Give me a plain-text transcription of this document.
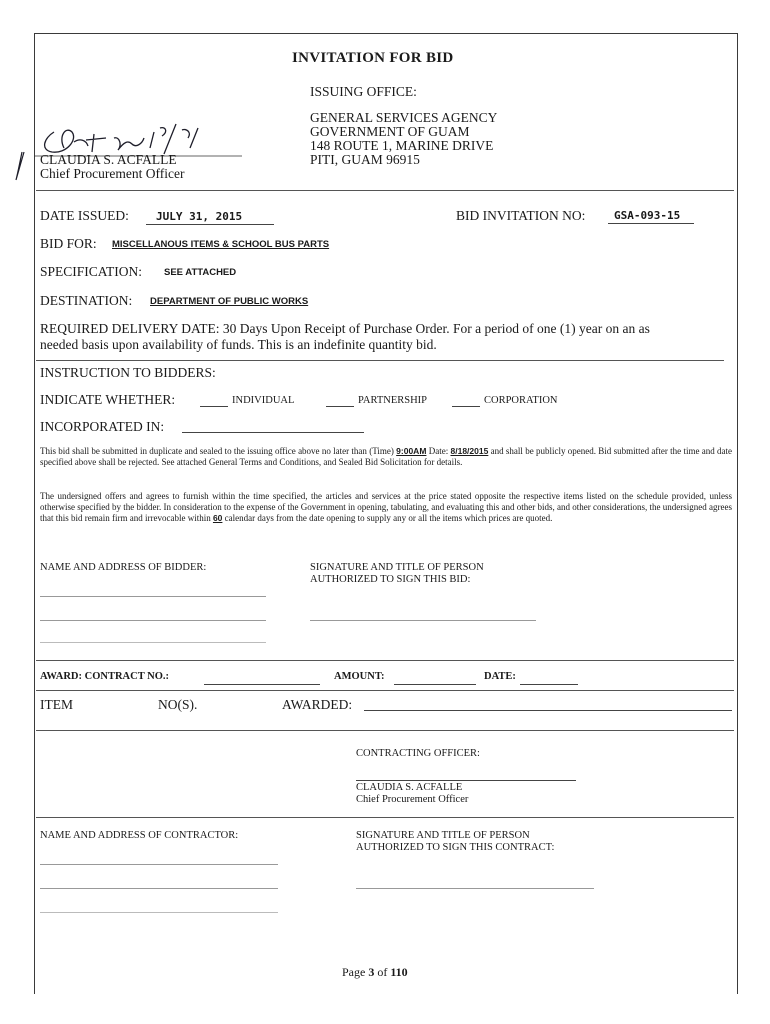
INVITATION FOR BID
ISSUING OFFICE:
GENERAL SERVICES AGENCY
GOVERNMENT OF GUAM
148 ROUTE 1, MARINE DRIVE
PITI, GUAM 96915
CLAUDIA S. ACFALLE
Chief Procurement Officer
DATE ISSUED: JULY 31, 2015	BID INVITATION NO:	GSA-093-15
BID FOR: MISCELLANOUS ITEMS & SCHOOL BUS PARTS
SPECIFICATION: SEE ATTACHED
DESTINATION: DEPARTMENT OF PUBLIC WORKS
REQUIRED DELIVERY DATE: 30 Days Upon Receipt of Purchase Order. For a period of one (1) year on an as
needed basis upon availability of funds. This is an indefinite quantity bid.
INSTRUCTION TO BIDDERS:
INDICATE WHETHER:	INDIVIDUAL	PARTNERSHIP	CORPORATION
INCORPORATED IN:
This bid shall be submitted in duplicate and sealed to the issuing office above no later than (Time) 9:00AM Date: 8/18/2015 and shall be publicly opened. Bid submitted after the time and date specified above shall be rejected. See attached General Terms and Conditions, and Sealed Bid Solicitation for details.
The undersigned offers and agrees to furnish within the time specified, the articles and services at the price stated opposite the respective items listed on the schedule provided, unless otherwise specified by the bidder. In consideration to the expense of the Government in opening, tabulating, and evaluating this and other bids, and other considerations, the undersigned agrees that this bid remain firm and irrevocable within 60 calendar days from the date opening to supply any or all the items which prices are quoted.
NAME AND ADDRESS OF BIDDER:	SIGNATURE AND TITLE OF PERSON
AUTHORIZED TO SIGN THIS BID:
AWARD: CONTRACT NO.:	AMOUNT:	DATE:
ITEM	NO(S).	AWARDED:
CONTRACTING OFFICER:
CLAUDIA S. ACFALLE
Chief Procurement Officer
NAME AND ADDRESS OF CONTRACTOR:	SIGNATURE AND TITLE OF PERSON
AUTHORIZED TO SIGN THIS CONTRACT:
Page 3 of 110
